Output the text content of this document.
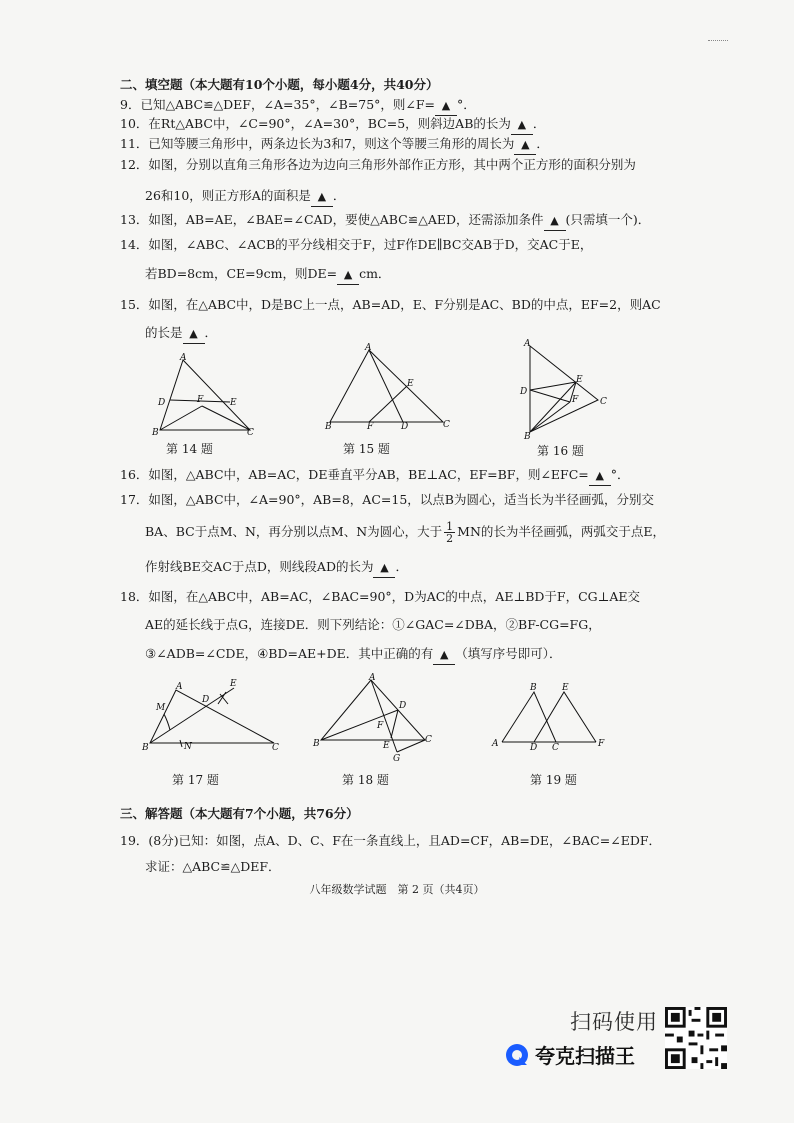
二、填空题（本大题有10个小题，每小题4分，共40分）
9．已知△ABC≌△DEF，∠A=35°，∠B=75°，则∠F= ▲ °．
10．在Rt△ABC中，∠C=90°，∠A=30°，BC=5，则斜边AB的长为 ▲ ．
11．已知等腰三角形中，两条边长为3和7，则这个等腰三角形的周长为 ▲ ．
12．如图，分别以直角三角形各边为边向三角形外部作正方形，其中两个正方形的面积分别为
26和10，则正方形A的面积是 ▲ ．
13．如图，AB=AE，∠BAE=∠CAD，要使△ABC≌△AED，还需添加条件 ▲ (只需填一个)．
14．如图，∠ABC、∠ACB的平分线相交于F，过F作DE∥BC交AB于D，交AC于E，
若BD=8cm，CE=9cm，则DE= ▲ cm．
15．如图，在△ABC中，D是BC上一点，AB=AD，E、F分别是AC、BD的中点，EF=2，则AC
的长是 ▲ ．
A
D	F	E
B	C
第 14 题
A
E
B	F	D	C
第 15 题
A
E
D
F C
B
第 16 题
16．如图，△ABC中，AB=AC，DE垂直平分AB，BE⊥AC，EF=BF，则∠EFC= ▲ °．
17．如图，△ABC中，∠A=90°，AB=8，AC=15，以点B为圆心，适当长为半径画弧，分别交
BA、BC于点M、N，再分别以点M、N为圆心，大于 $\frac{1}{2}$ MN的长为半径画弧，两弧交于点E，
作射线BE交AC于点D，则线段AD的长为 ▲ ．
18．如图，在△ABC中，AB=AC，∠BAC=90°，D为AC的中点，AE⊥BD于F，CG⊥AE交
AE的延长线于点G，连接DE．则下列结论：①∠GAC=∠DBA，②BF-CG=FG，
③∠ADB=∠CDE，④BD=AE+DE．其中正确的有 ▲ （填写序号即可）．
A	E
M
D
B	N	C
第 17 题
A
D
F
B	E
C
G
第 18 题
B	E
A	D C	F
第 19 题
三、解答题（本大题有7个小题，共76分）
19．(8分)已知：如图，点A、D、C、F在一条直线上，且AD=CF，AB=DE，∠BAC=∠EDF．
求证：△ABC≌△DEF．
八年级数学试题　第 2 页（共4页）
扫码使用
夸克扫描王
